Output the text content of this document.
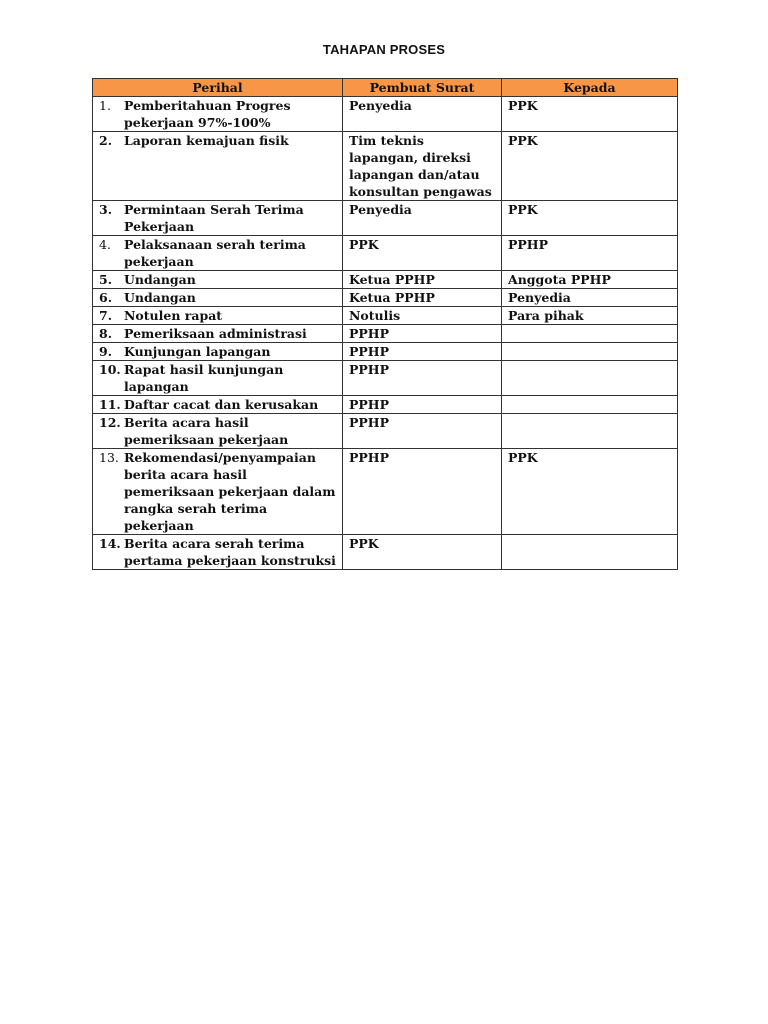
TAHAPAN PROSES
Perihal	Pembuat Surat	Kepada

1. Pemberitahuan Progres pekerjaan 97%-100%	Penyedia	PPK

2. Laporan kemajuan fisik	Tim teknis lapangan, direksi lapangan dan/atau konsultan pengawas	PPK

3. Permintaan Serah Terima Pekerjaan	Penyedia	PPK

4. Pelaksanaan serah terima pekerjaan	PPK	PPHP

5. Undangan	Ketua PPHP	Anggota PPHP

6. Undangan	Ketua PPHP	Penyedia

7. Notulen rapat	Notulis	Para pihak

8. Pemeriksaan administrasi	PPHP	

9. Kunjungan lapangan	PPHP	

10. Rapat hasil kunjungan lapangan	PPHP	

11. Daftar cacat dan kerusakan	PPHP	

12. Berita acara hasil pemeriksaan pekerjaan	PPHP	

13. Rekomendasi/penyampaian berita acara hasil pemeriksaan pekerjaan dalam rangka serah terima pekerjaan	PPHP	PPK

14. Berita acara serah terima pertama pekerjaan konstruksi	PPK	
